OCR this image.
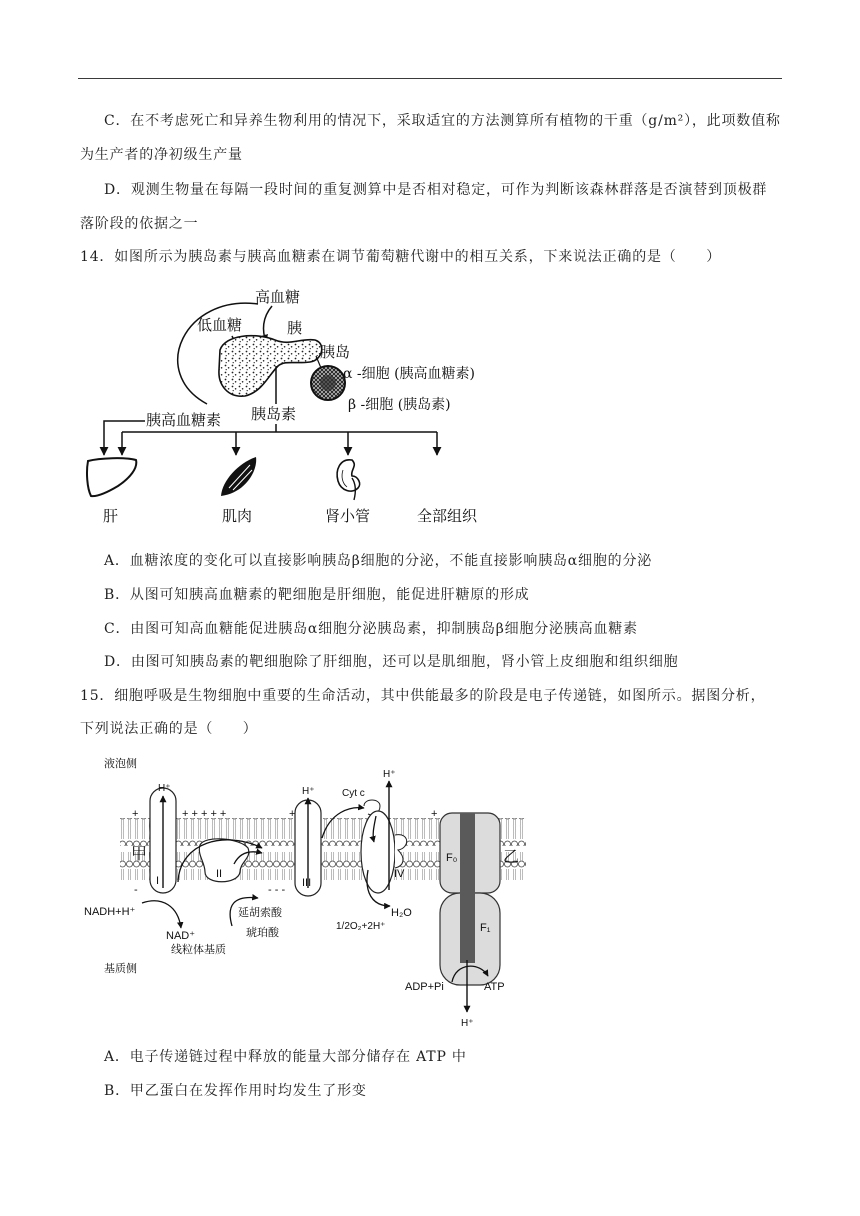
C．在不考虑死亡和异养生物利用的情况下，采取适宜的方法测算所有植物的干重（g/m²），此项数值称
为生产者的净初级生产量
D．观测生物量在每隔一段时间的重复测算中是否相对稳定，可作为判断该森林群落是否演替到顶极群
落阶段的依据之一
14．如图所示为胰岛素与胰高血糖素在调节葡萄糖代谢中的相互关系，下来说法正确的是（　　）
高血糖
低血糖	胰
胰岛
α -细胞 (胰高血糖素)
β -细胞 (胰岛素)
胰高血糖素 胰岛素
肝	肌肉	肾小管	全部组织
A．血糖浓度的变化可以直接影响胰岛β细胞的分泌，不能直接影响胰岛α细胞的分泌
B．从图可知胰高血糖素的靶细胞是肝细胞，能促进肝糖原的形成
C．由图可知高血糖能促进胰岛α细胞分泌胰岛素，抑制胰岛β细胞分泌胰高血糖素
D．由图可知胰岛素的靶细胞除了肝细胞，还可以是肌细胞，肾小管上皮细胞和组织细胞
15．细胞呼吸是生物细胞中重要的生命活动，其中供能最多的阶段是电子传递链，如图所示。据图分析，
下列说法正确的是（　　）
液泡侧
基质侧
+	+ + + + +	+	+
-	- - -
H⁺
I
甲
II
NADH+H⁺
NAD⁺
线粒体基质
延胡索酸
琥珀酸
H⁺
III
Cyt c
H⁺
IV
1/2O₂+2H⁺
H₂O
F₀
F₁
乙
H⁺
ADP+Pi	ATP
A．电子传递链过程中释放的能量大部分储存在 ATP 中
B．甲乙蛋白在发挥作用时均发生了形变
